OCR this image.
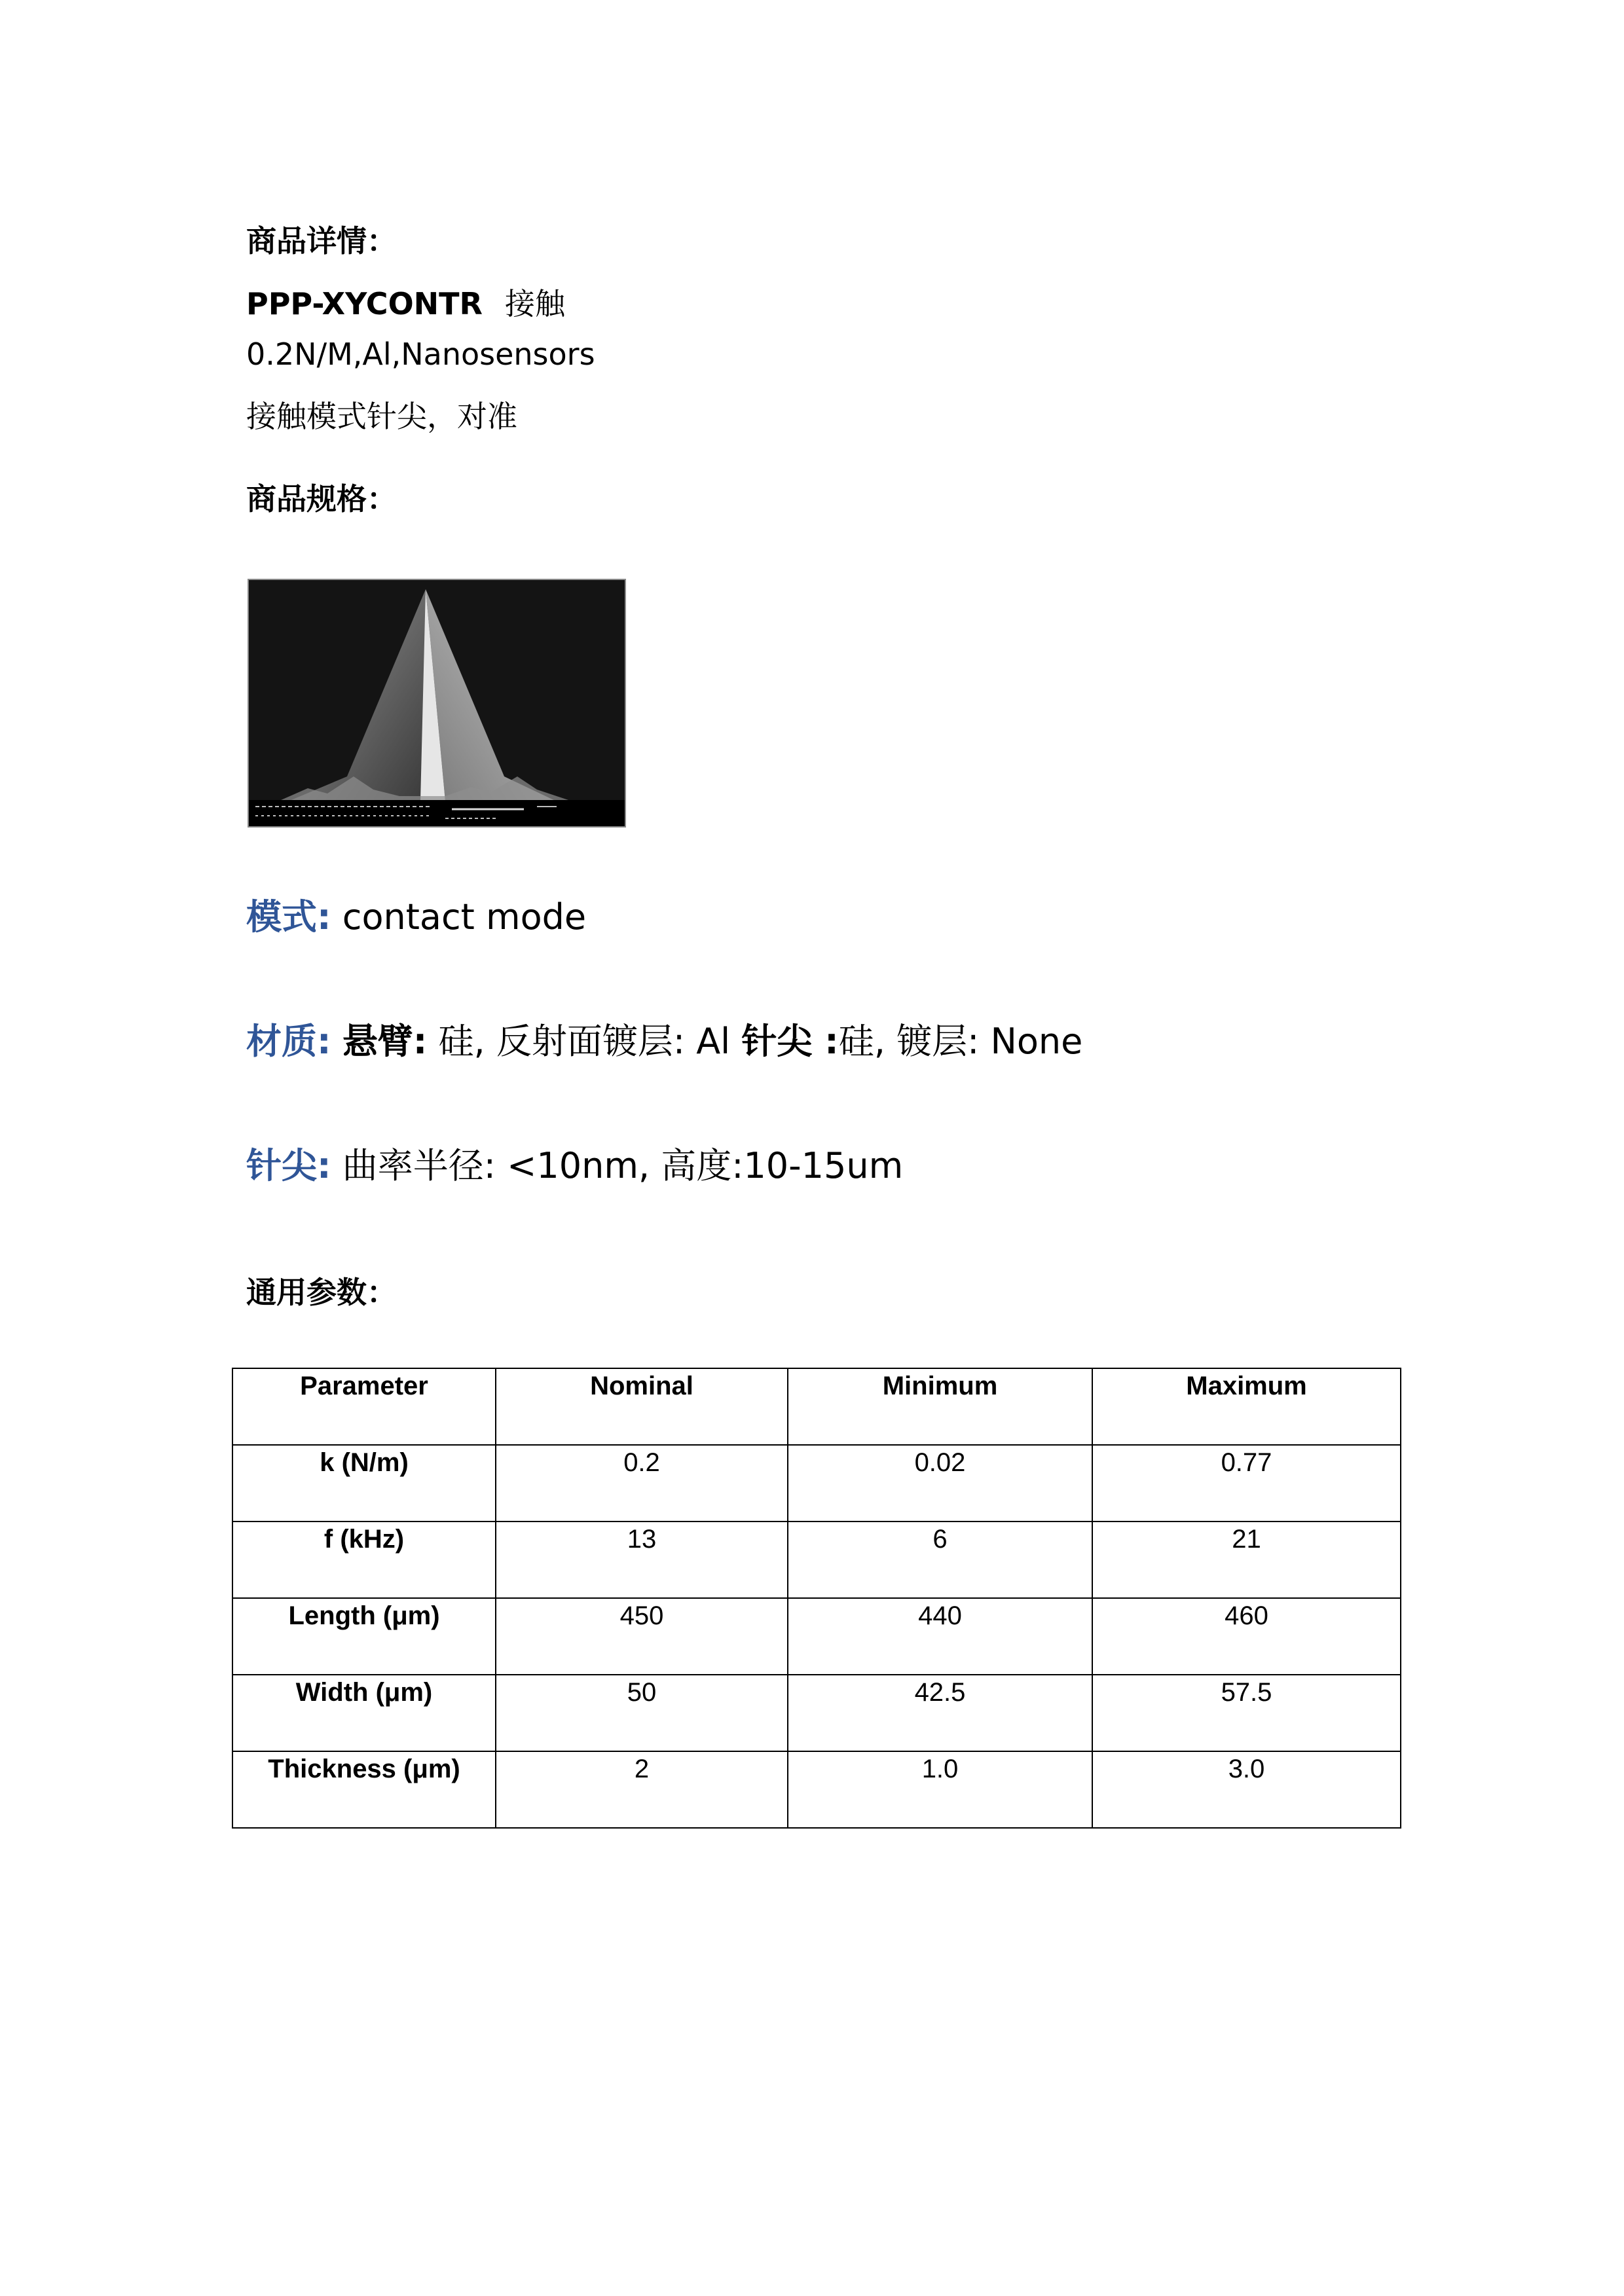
商品详情：
PPP-XYCONTR 接触
0.2N/M,Al,Nanosensors
接触模式针尖，对准
商品规格：
模式: contact mode
材质: 悬臂: 硅, 反射面镀层: Al 针尖 :硅, 镀层: None
针尖: 曲率半径: <10nm, 高度:10-15um
通用参数：
Parameter	Nominal	Minimum	Maximum
k (N/m)	0.2	0.02	0.77
f (kHz)	13	6	21
Length (μm)	450	440	460
Width (μm)	50	42.5	57.5
Thickness (μm)	2	1.0	3.0
